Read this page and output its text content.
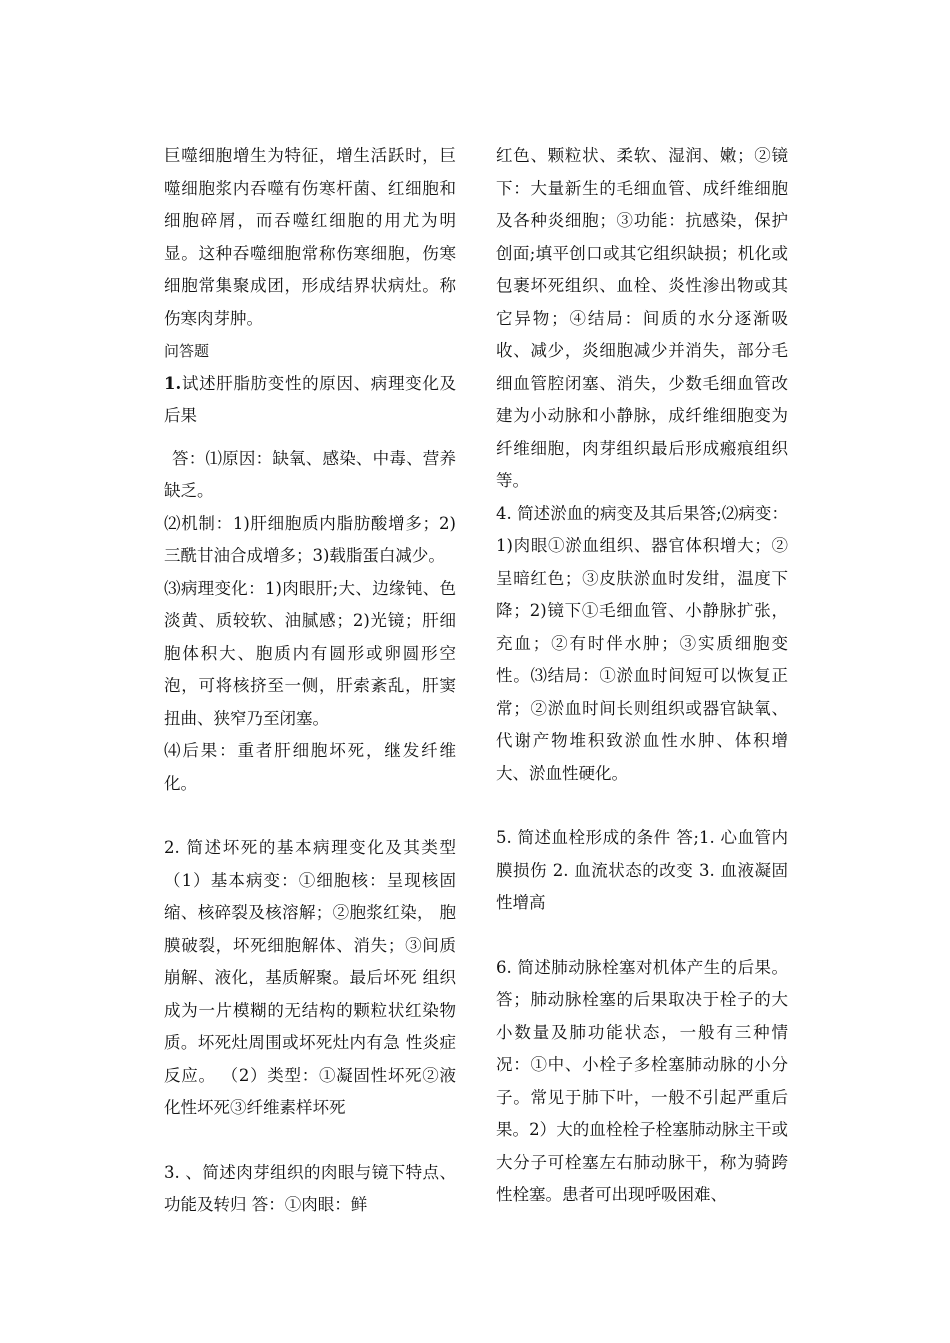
巨噬细胞增生为特征，增生活跃时，巨噬细胞浆内吞噬有伤寒杆菌、红细胞和细胞碎屑，而吞噬红细胞的用尤为明显。这种吞噬细胞常称伤寒细胞，伤寒细胞常集聚成团，形成结界状病灶。称伤寒肉芽肿。

问答题

1.试述肝脂肪变性的原因、病理变化及后果

答：⑴原因：缺氧、感染、中毒、营养缺乏。

⑵机制：1)肝细胞质内脂肪酸增多；2)三酰甘油合成增多；3)载脂蛋白减少。

⑶病理变化：1)肉眼肝;大、边缘钝、色淡黄、质较软、油腻感；2)光镜；肝细胞体积大、胞质内有圆形或卵圆形空泡，可将核挤至一侧，肝索紊乱，肝窦扭曲、狭窄乃至闭塞。

⑷后果：重者肝细胞坏死，继发纤维化。

2. 简述坏死的基本病理变化及其类型（1）基本病变：①细胞核：呈现核固缩、核碎裂及核溶解；②胞浆红染， 胞膜破裂，坏死细胞解体、消失；③间质崩解、液化，基质解聚。最后坏死 组织成为一片模糊的无结构的颗粒状红染物质。坏死灶周围或坏死灶内有急 性炎症反应。 （2）类型：①凝固性坏死②液化性坏死③纤维素样坏死

3. 、简述肉芽组织的肉眼与镜下特点、功能及转归 答：①肉眼：鲜

红色、颗粒状、柔软、湿润、嫩；②镜下：大量新生的毛细血管、成纤维细胞及各种炎细胞；③功能：抗感染，保护创面;填平创口或其它组织缺损；机化或包裹坏死组织、血栓、炎性渗出物或其它异物；④结局：间质的水分逐渐吸收、减少，炎细胞减少并消失，部分毛细血管腔闭塞、消失，少数毛细血管改建为小动脉和小静脉，成纤维细胞变为纤维细胞，肉芽组织最后形成瘢痕组织等。

4. 简述淤血的病变及其后果答;⑵病变：1)肉眼①淤血组织、器官体积增大；②呈暗红色；③皮肤淤血时发绀，温度下降；2)镜下①毛细血管、小静脉扩张，充血；②有时伴水肿；③实质细胞变性。⑶结局：①淤血时间短可以恢复正常；②淤血时间长则组织或器官缺氧、代谢产物堆积致淤血性水肿、体积增大、淤血性硬化。

5. 简述血栓形成的条件 答;1. 心血管内膜损伤 2. 血流状态的改变 3. 血液凝固性增高

6. 简述肺动脉栓塞对机体产生的后果。答；肺动脉栓塞的后果取决于栓子的大小数量及肺功能状态，一般有三种情况：①中、小栓子多栓塞肺动脉的小分子。常见于肺下叶，一般不引起严重后果。2）大的血栓栓子栓塞肺动脉主干或大分子可栓塞左右肺动脉干，称为骑跨性栓塞。患者可出现呼吸困难、
